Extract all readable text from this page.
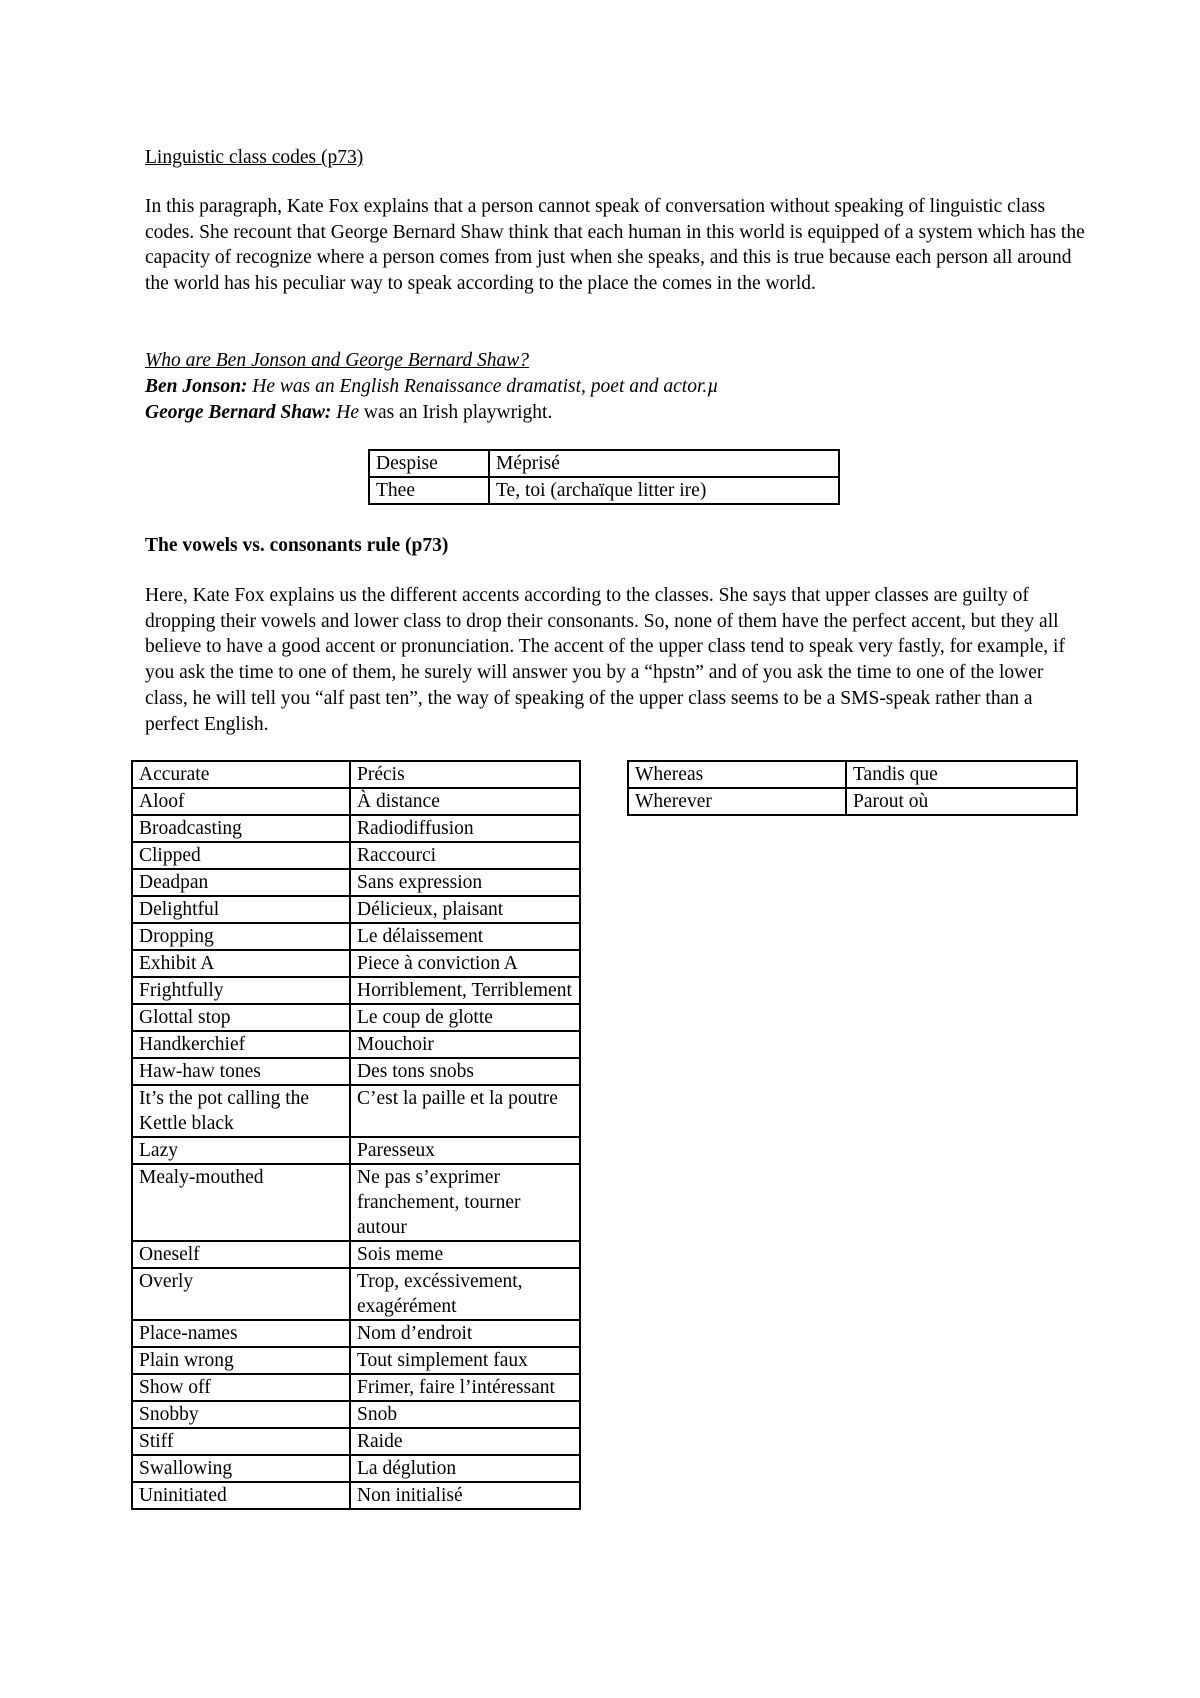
Linguistic class codes (p73)

In this paragraph, Kate Fox explains that a person cannot speak of conversation without speaking of linguistic class codes. She recount that George Bernard Shaw think that each human in this world is equipped of a system which has the capacity of recognize where a person comes from just when she speaks, and this is true because each person all around the world has his peculiar way to speak according to the place the comes in the world.

Who are Ben Jonson and George Bernard Shaw?

Ben Jonson: He was an English Renaissance dramatist, poet and actor.µ

George Bernard Shaw: He was an Irish playwright.

Despise	Méprisé
Thee	Te, toi (archaïque litter ire)

The vowels vs. consonants rule (p73)

Here, Kate Fox explains us the different accents according to the classes. She says that upper classes are guilty of dropping their vowels and lower class to drop their consonants. So, none of them have the perfect accent, but they all believe to have a good accent or pronunciation. The accent of the upper class tend to speak very fastly, for example, if you ask the time to one of them, he surely will answer you by a “hpstn” and of you ask the time to one of the lower class, he will tell you “alf past ten”, the way of speaking of the upper class seems to be a SMS-speak rather than a perfect English.

Accurate	Précis
Aloof	À distance
Broadcasting	Radiodiffusion
Clipped	Raccourci
Deadpan	Sans expression
Delightful	Délicieux, plaisant
Dropping	Le délaissement
Exhibit A	Piece à conviction A
Frightfully	Horriblement, Terriblement
Glottal stop	Le coup de glotte
Handkerchief	Mouchoir
Haw-haw tones	Des tons snobs
It’s the pot calling the Kettle black	C’est la paille et la poutre
Lazy	Paresseux
Mealy-mouthed	Ne pas s’exprimer franchement, tourner autour
Oneself	Sois meme
Overly	Trop, excéssivement, exagérément
Place-names	Nom d’endroit
Plain wrong	Tout simplement faux
Show off	Frimer, faire l’intéressant
Snobby	Snob
Stiff	Raide
Swallowing	La déglution
Uninitiated	Non initialisé
Whereas	Tandis que
Wherever	Parout où
